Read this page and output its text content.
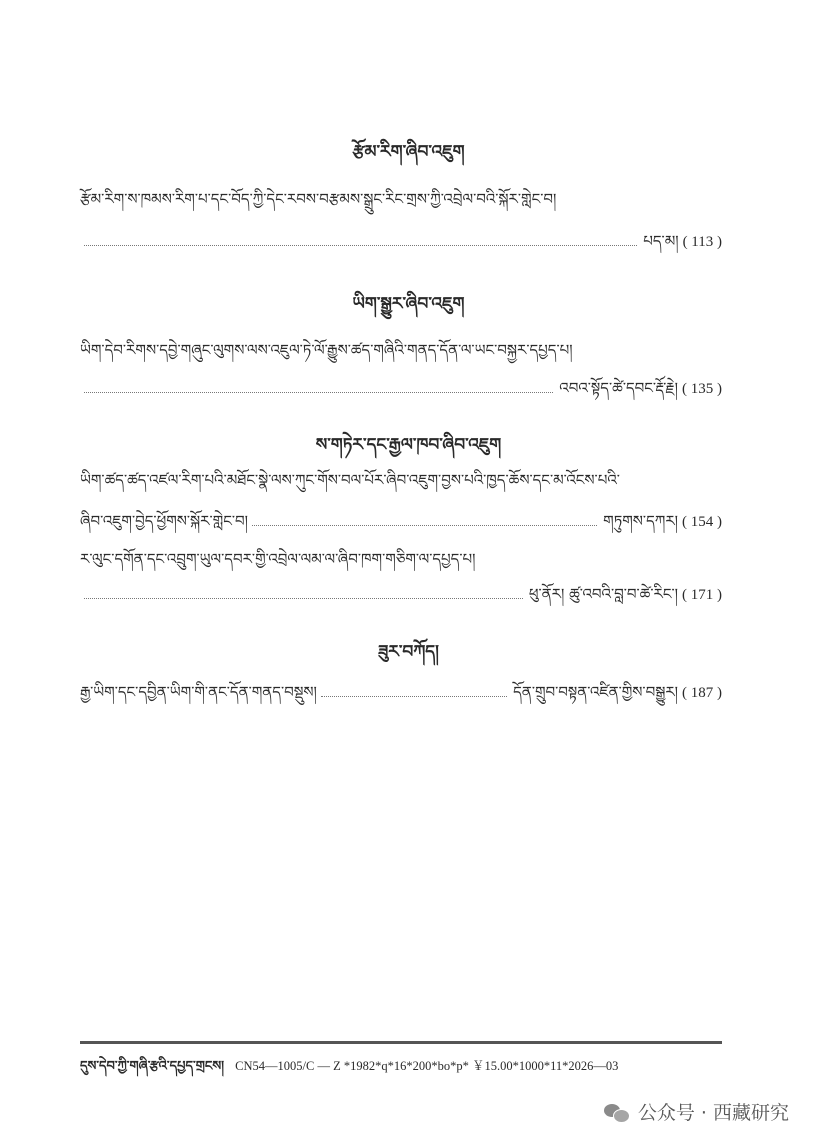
རྩོམ་རིག་ཞིབ་འཇུག
རྩོམ་རིག་ས་ཁམས་རིག་པ་དང་བོད་ཀྱི་དེང་རབས་བརྩམས་སྒྲུང་རིང་གྲས་ཀྱི་འབྲེལ་བའི་སྐོར་གླེང་བ།
པད་མ། ( 113 )
ཡིག་སྒྱུར་ཞིབ་འཇུག
ཡིག་དེབ་རིགས་དབྱེ་གཞུང་ལུགས་ལས་འཇུལ་ཏེ་ལོ་རྒྱུས་ཚད་གཞིའི་གནད་དོན་ལ་ཡང་བསྐྱར་དཔྱད་པ།
འབའ་སྟོད་ཚེ་དབང་རྡོ་རྗེ། ( 135 )
ས་གཏེར་དང་རྒྱལ་ཁབ་ཞིབ་འཇུག
ཡིག་ཚད་ཚད་འཛལ་རིག་པའི་མཐོང་སྣེ་ལས་ཀུང་གོས་བལ་པོར་ཞིབ་འཇུག་བྱས་པའི་ཁྱད་ཆོས་དང་མ་འོངས་པའི་
ཞིབ་འཇུག་བྱེད་ཕྱོགས་སྐོར་གླེང་བ།	གཏུགས་དཀར། ( 154 )
ར་ལུང་དགོན་དང་འབྲུག་ཡུལ་དབར་གྱི་འབྲེལ་ལམ་ལ་ཞིབ་ཁག་གཅིག་ལ་དཔྱད་པ།
ཕུ་ནོར། ཚུ་འབའི་བླ་བ་ཚེ་རིང་། ( 171 )
ཟུར་བཀོད།
རྒྱ་ཡིག་དང་དབྱིན་ཡིག་གི་ནང་དོན་གནད་བསྡུས།	དོན་གྲུབ་བསྟན་འཛིན་གྱིས་བསྒྱུར། ( 187 )
དུས་དེབ་ཀྱི་གཞི་རྩའི་དཔྱད་གྲངས། CN54—1005/C — Z *1982*q*16*200*bo*p* ￥15.00*1000*11*2026—03
公众号 · 西藏研究
